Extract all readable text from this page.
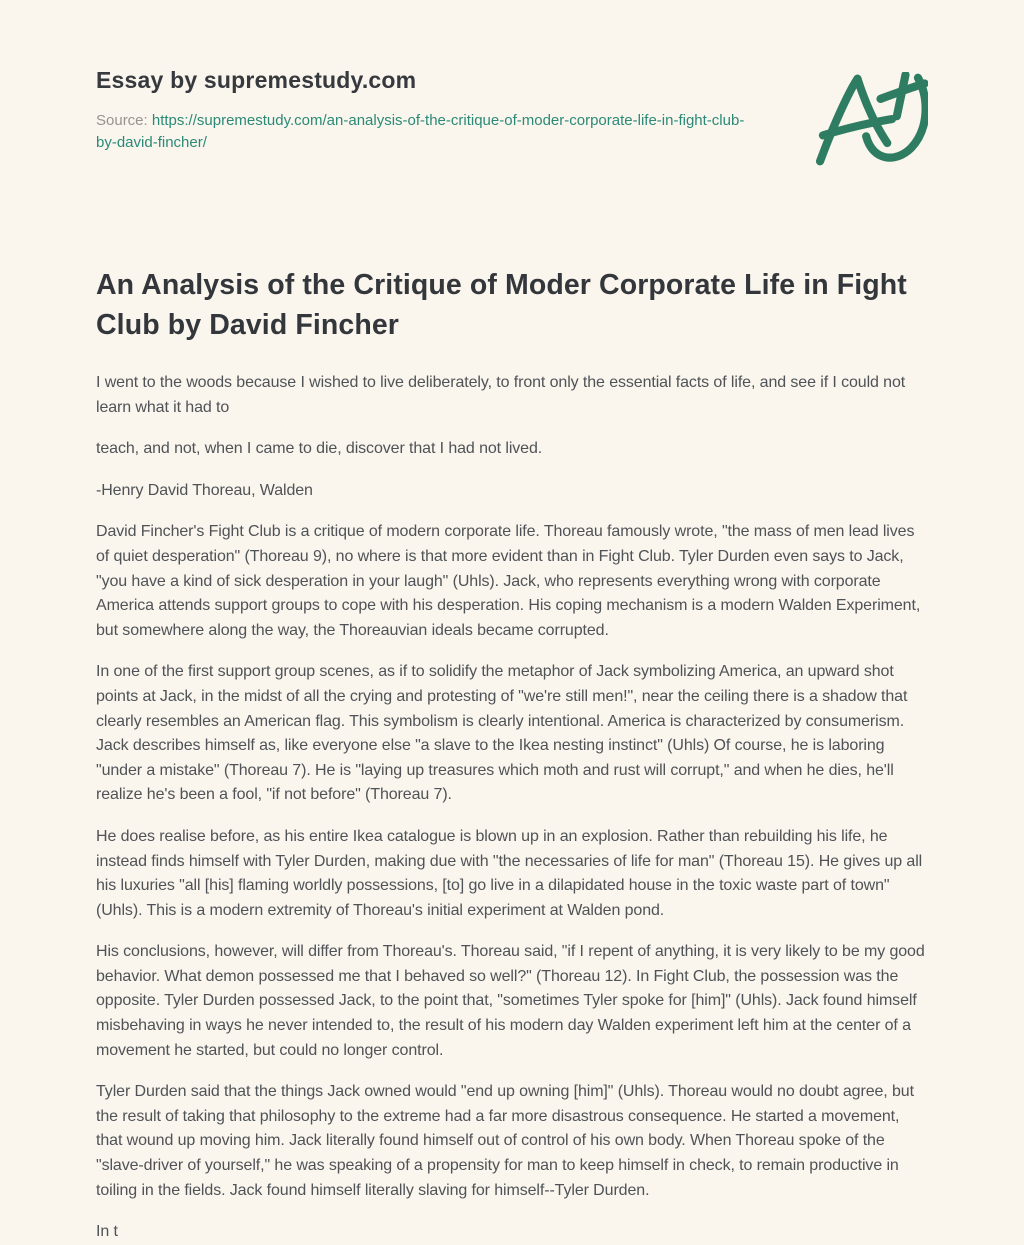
Essay by supremestudy.com
Source: https://supremestudy.com/an-analysis-of-the-critique-of-moder-corporate-life-in-fight-club-by-david-fincher/
An Analysis of the Critique of Moder Corporate Life in Fight Club by David Fincher

I went to the woods because I wished to live deliberately, to front only the essential facts of life, and see if I could not learn what it had to

teach, and not, when I came to die, discover that I had not lived.

-Henry David Thoreau, Walden

David Fincher's Fight Club is a critique of modern corporate life. Thoreau famously wrote, "the mass of men lead lives of quiet desperation" (Thoreau 9), no where is that more evident than in Fight Club. Tyler Durden even says to Jack, "you have a kind of sick desperation in your laugh" (Uhls). Jack, who represents everything wrong with corporate America attends support groups to cope with his desperation. His coping mechanism is a modern Walden Experiment, but somewhere along the way, the Thoreauvian ideals became corrupted.

In one of the first support group scenes, as if to solidify the metaphor of Jack symbolizing America, an upward shot points at Jack, in the midst of all the crying and protesting of "we're still men!", near the ceiling there is a shadow that clearly resembles an American flag. This symbolism is clearly intentional. America is characterized by consumerism. Jack describes himself as, like everyone else "a slave to the Ikea nesting instinct" (Uhls) Of course, he is laboring "under a mistake" (Thoreau 7). He is "laying up treasures which moth and rust will corrupt," and when he dies, he'll realize he's been a fool, "if not before" (Thoreau 7).

He does realise before, as his entire Ikea catalogue is blown up in an explosion. Rather than rebuilding his life, he instead finds himself with Tyler Durden, making due with "the necessaries of life for man" (Thoreau 15). He gives up all his luxuries "all [his] flaming worldly possessions, [to] go live in a dilapidated house in the toxic waste part of town" (Uhls). This is a modern extremity of Thoreau's initial experiment at Walden pond.

His conclusions, however, will differ from Thoreau's. Thoreau said, "if I repent of anything, it is very likely to be my good behavior. What demon possessed me that I behaved so well?" (Thoreau 12). In Fight Club, the possession was the opposite. Tyler Durden possessed Jack, to the point that, "sometimes Tyler spoke for [him]" (Uhls). Jack found himself misbehaving in ways he never intended to, the result of his modern day Walden experiment left him at the center of a movement he started, but could no longer control.

Tyler Durden said that the things Jack owned would "end up owning [him]" (Uhls). Thoreau would no doubt agree, but the result of taking that philosophy to the extreme had a far more disastrous consequence. He started a movement, that wound up moving him. Jack literally found himself out of control of his own body. When Thoreau spoke of the "slave-driver of yourself," he was speaking of a propensity for man to keep himself in check, to remain productive in toiling in the fields. Jack found himself literally slaving for himself--Tyler Durden.

In t
